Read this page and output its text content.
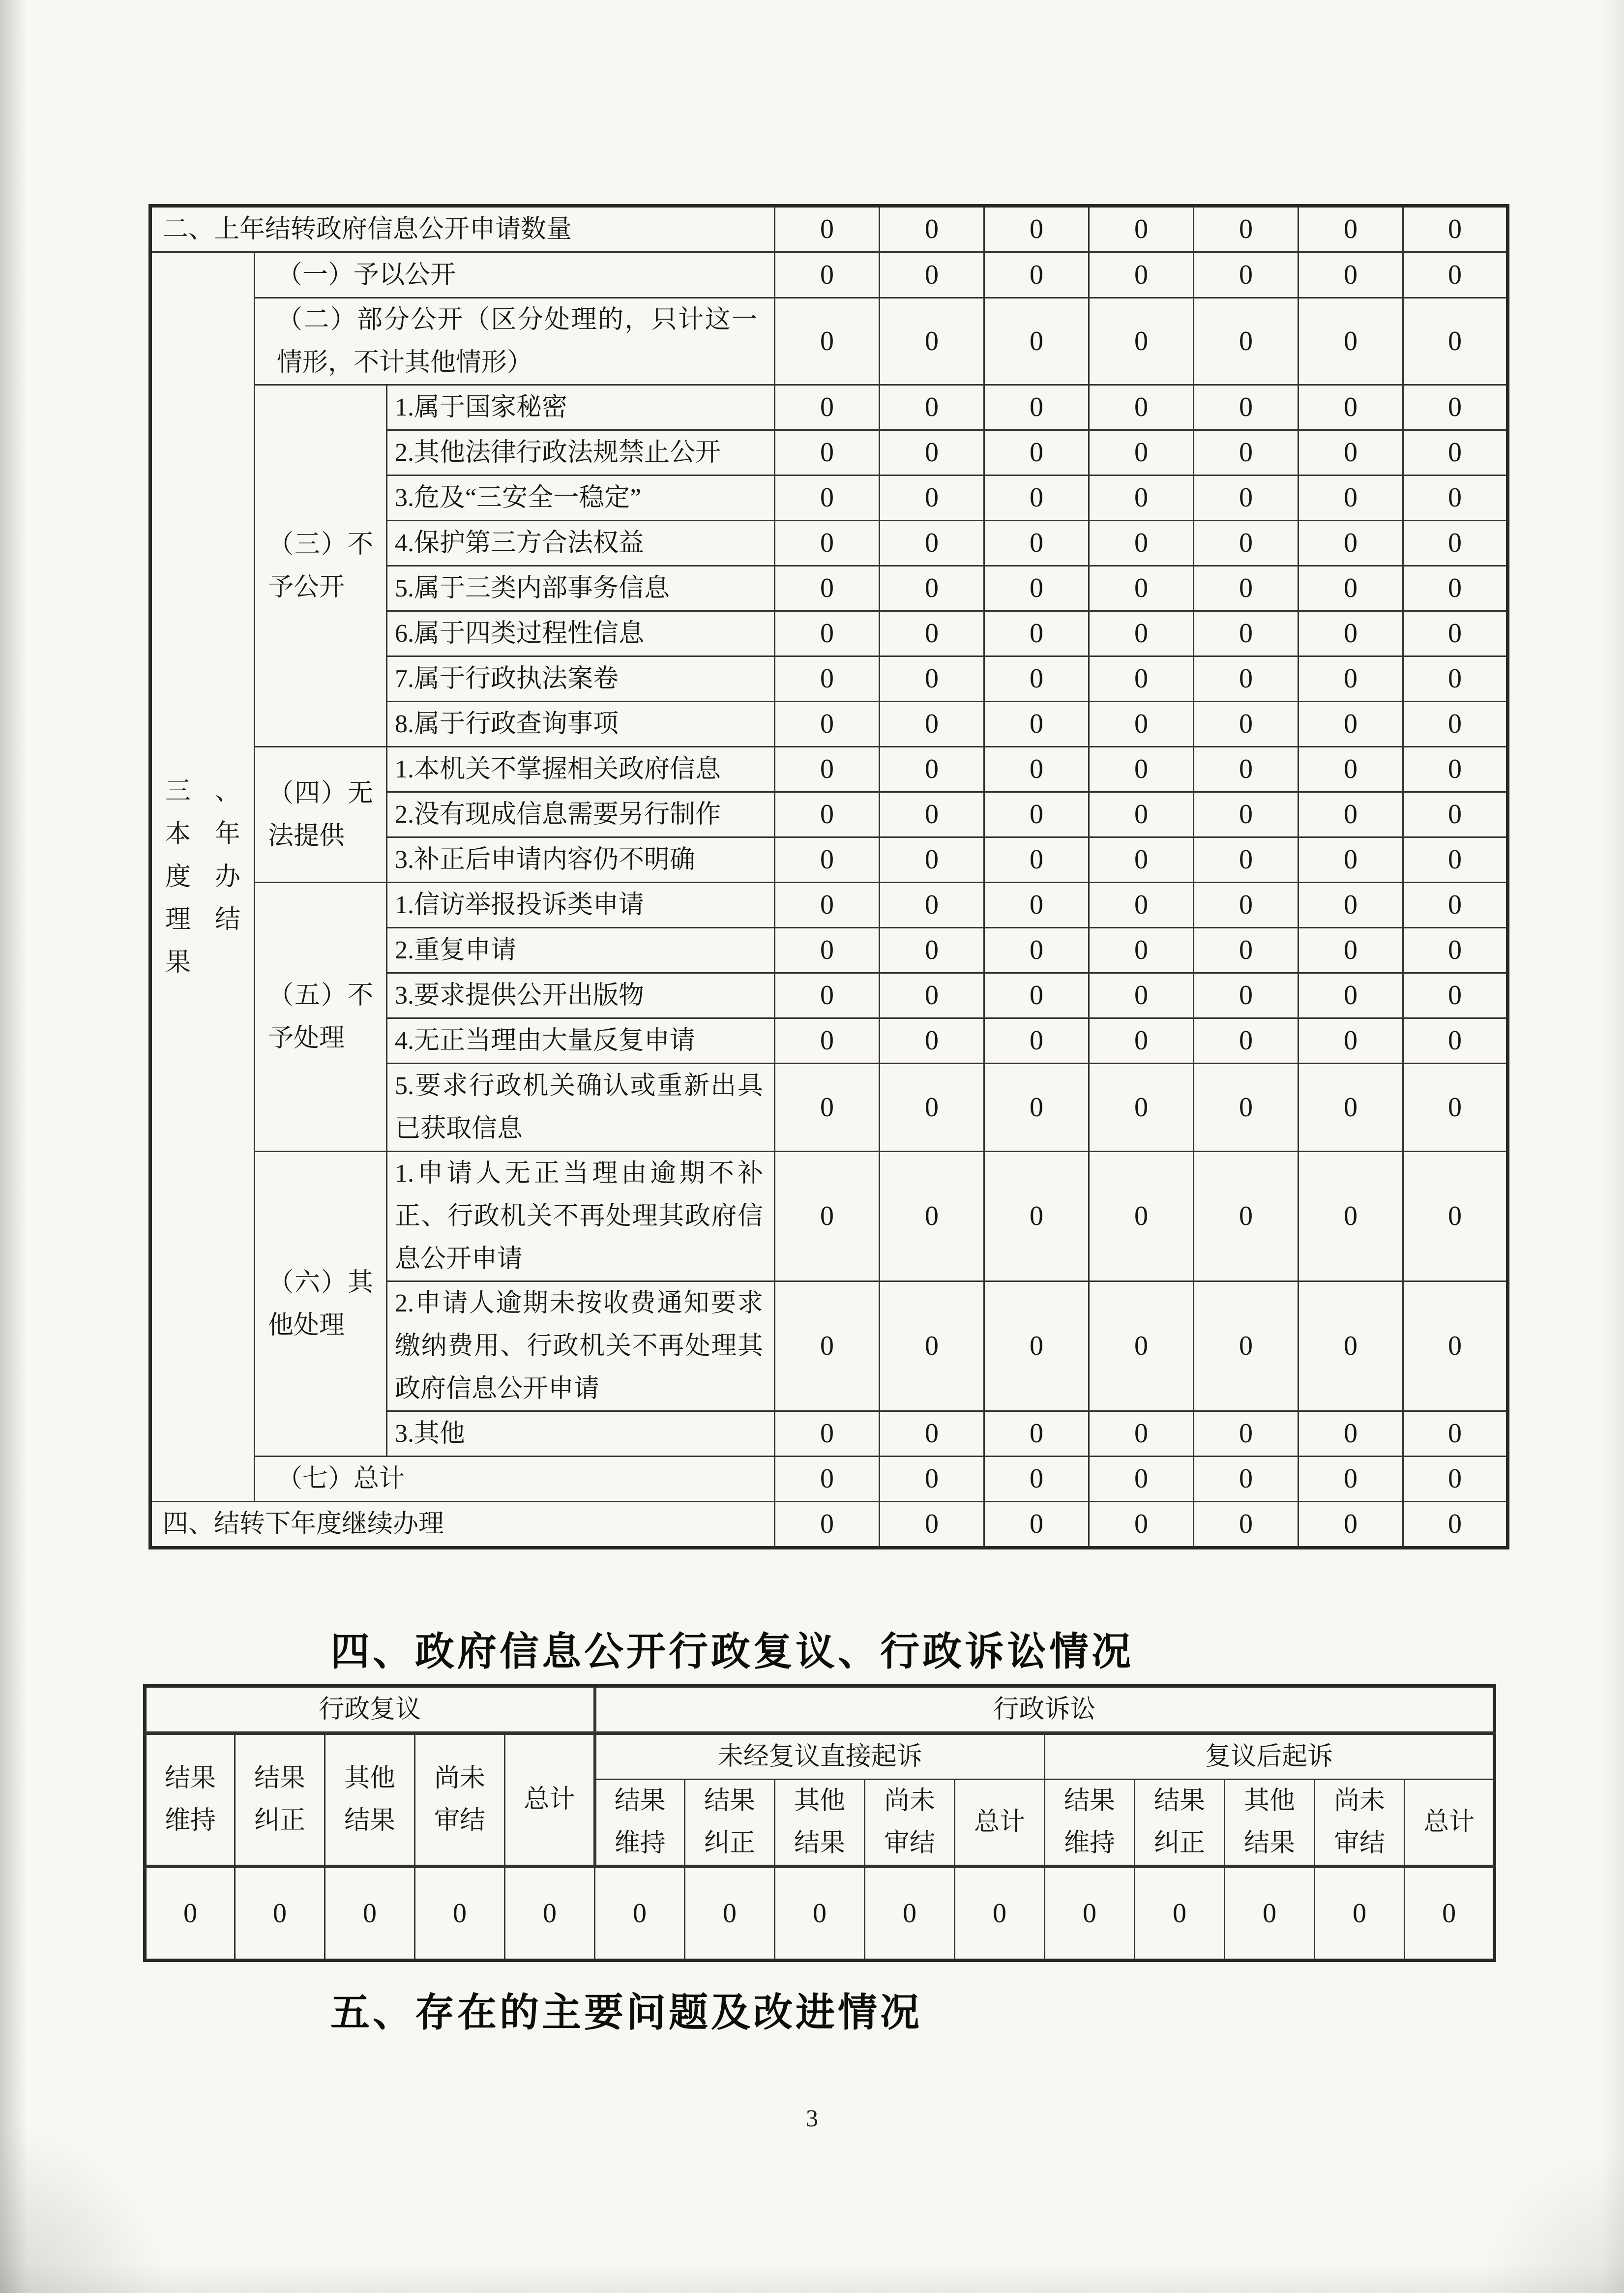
二、上年结转政府信息公开申请数量			0	0	0	0	0	0	0
三、本年度办理结果	（一）予以公开		0	0	0	0	0	0	0
	（二）部分公开（区分处理的，只计这一情形，不计其他情形）		0	0	0	0	0	0	0
	（三）不予公开	1.属于国家秘密	0	0	0	0	0	0	0
		2.其他法律行政法规禁止公开	0	0	0	0	0	0	0
		3.危及“三安全一稳定”	0	0	0	0	0	0	0
		4.保护第三方合法权益	0	0	0	0	0	0	0
		5.属于三类内部事务信息	0	0	0	0	0	0	0
		6.属于四类过程性信息	0	0	0	0	0	0	0
		7.属于行政执法案卷	0	0	0	0	0	0	0
		8.属于行政查询事项	0	0	0	0	0	0	0
	（四）无法提供	1.本机关不掌握相关政府信息	0	0	0	0	0	0	0
		2.没有现成信息需要另行制作	0	0	0	0	0	0	0
		3.补正后申请内容仍不明确	0	0	0	0	0	0	0
	（五）不予处理	1.信访举报投诉类申请	0	0	0	0	0	0	0
		2.重复申请	0	0	0	0	0	0	0
		3.要求提供公开出版物	0	0	0	0	0	0	0
		4.无正当理由大量反复申请	0	0	0	0	0	0	0
		5.要求行政机关确认或重新出具已获取信息	0	0	0	0	0	0	0
	（六）其他处理	1.申请人无正当理由逾期不补正、行政机关不再处理其政府信息公开申请	0	0	0	0	0	0	0
		2.申请人逾期未按收费通知要求缴纳费用、行政机关不再处理其政府信息公开申请	0	0	0	0	0	0	0
		3.其他	0	0	0	0	0	0	0
	（七）总计		0	0	0	0	0	0	0
四、结转下年度继续办理			0	0	0	0	0	0	0
四、政府信息公开行政复议、行政诉讼情况
行政复议					行政诉讼									
结果维持	结果纠正	其他结果	尚未审结	总计	未经复议直接起诉					复议后起诉				
					结果维持	结果纠正	其他结果	尚未审结	总计	结果维持	结果纠正	其他结果	尚未审结	总计
0	0	0	0	0	0	0	0	0	0	0	0	0	0	0
五、存在的主要问题及改进情况
3
